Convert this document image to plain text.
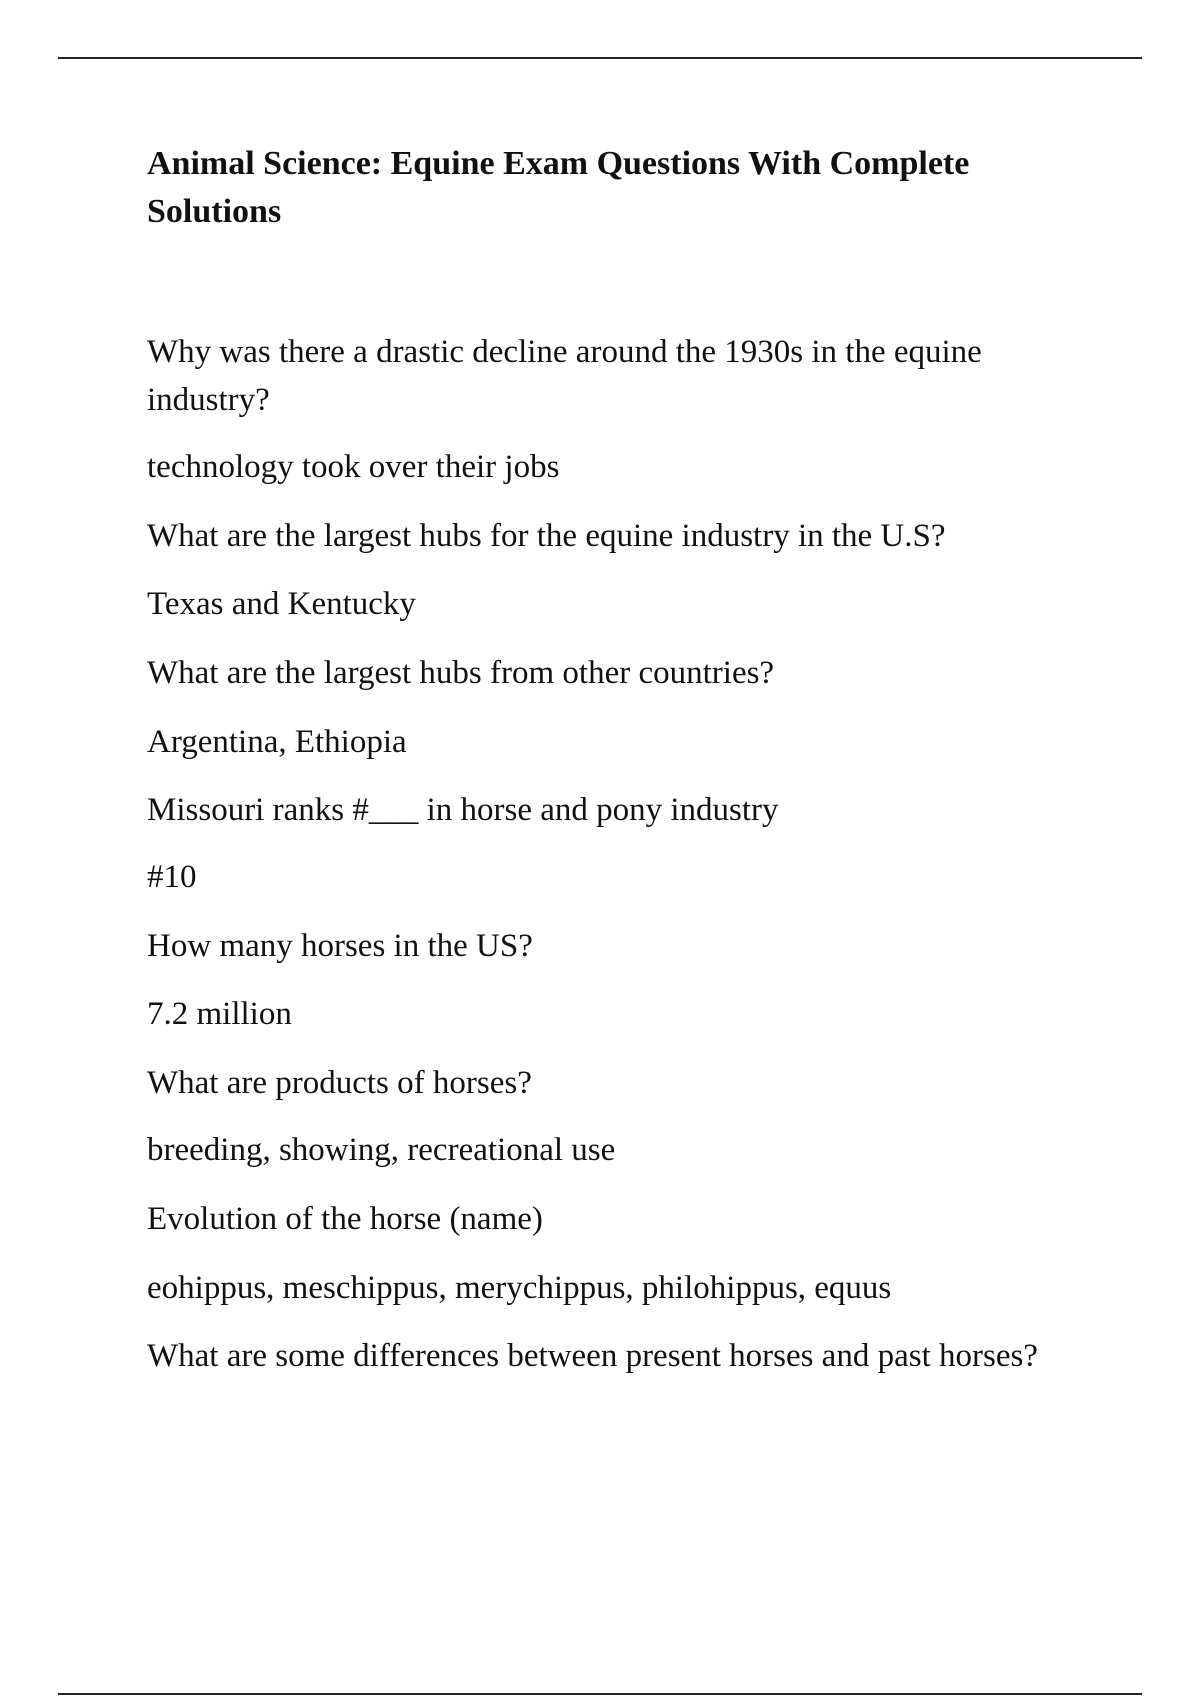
Animal Science: Equine Exam Questions With Complete Solutions

Why was there a drastic decline around the 1930s in the equine industry?

technology took over their jobs

What are the largest hubs for the equine industry in the U.S?

Texas and Kentucky

What are the largest hubs from other countries?

Argentina, Ethiopia

Missouri ranks #___ in horse and pony industry

#10

How many horses in the US?

7.2 million

What are products of horses?

breeding, showing, recreational use

Evolution of the horse (name)

eohippus, meschippus, merychippus, philohippus, equus

What are some differences between present horses and past horses?
